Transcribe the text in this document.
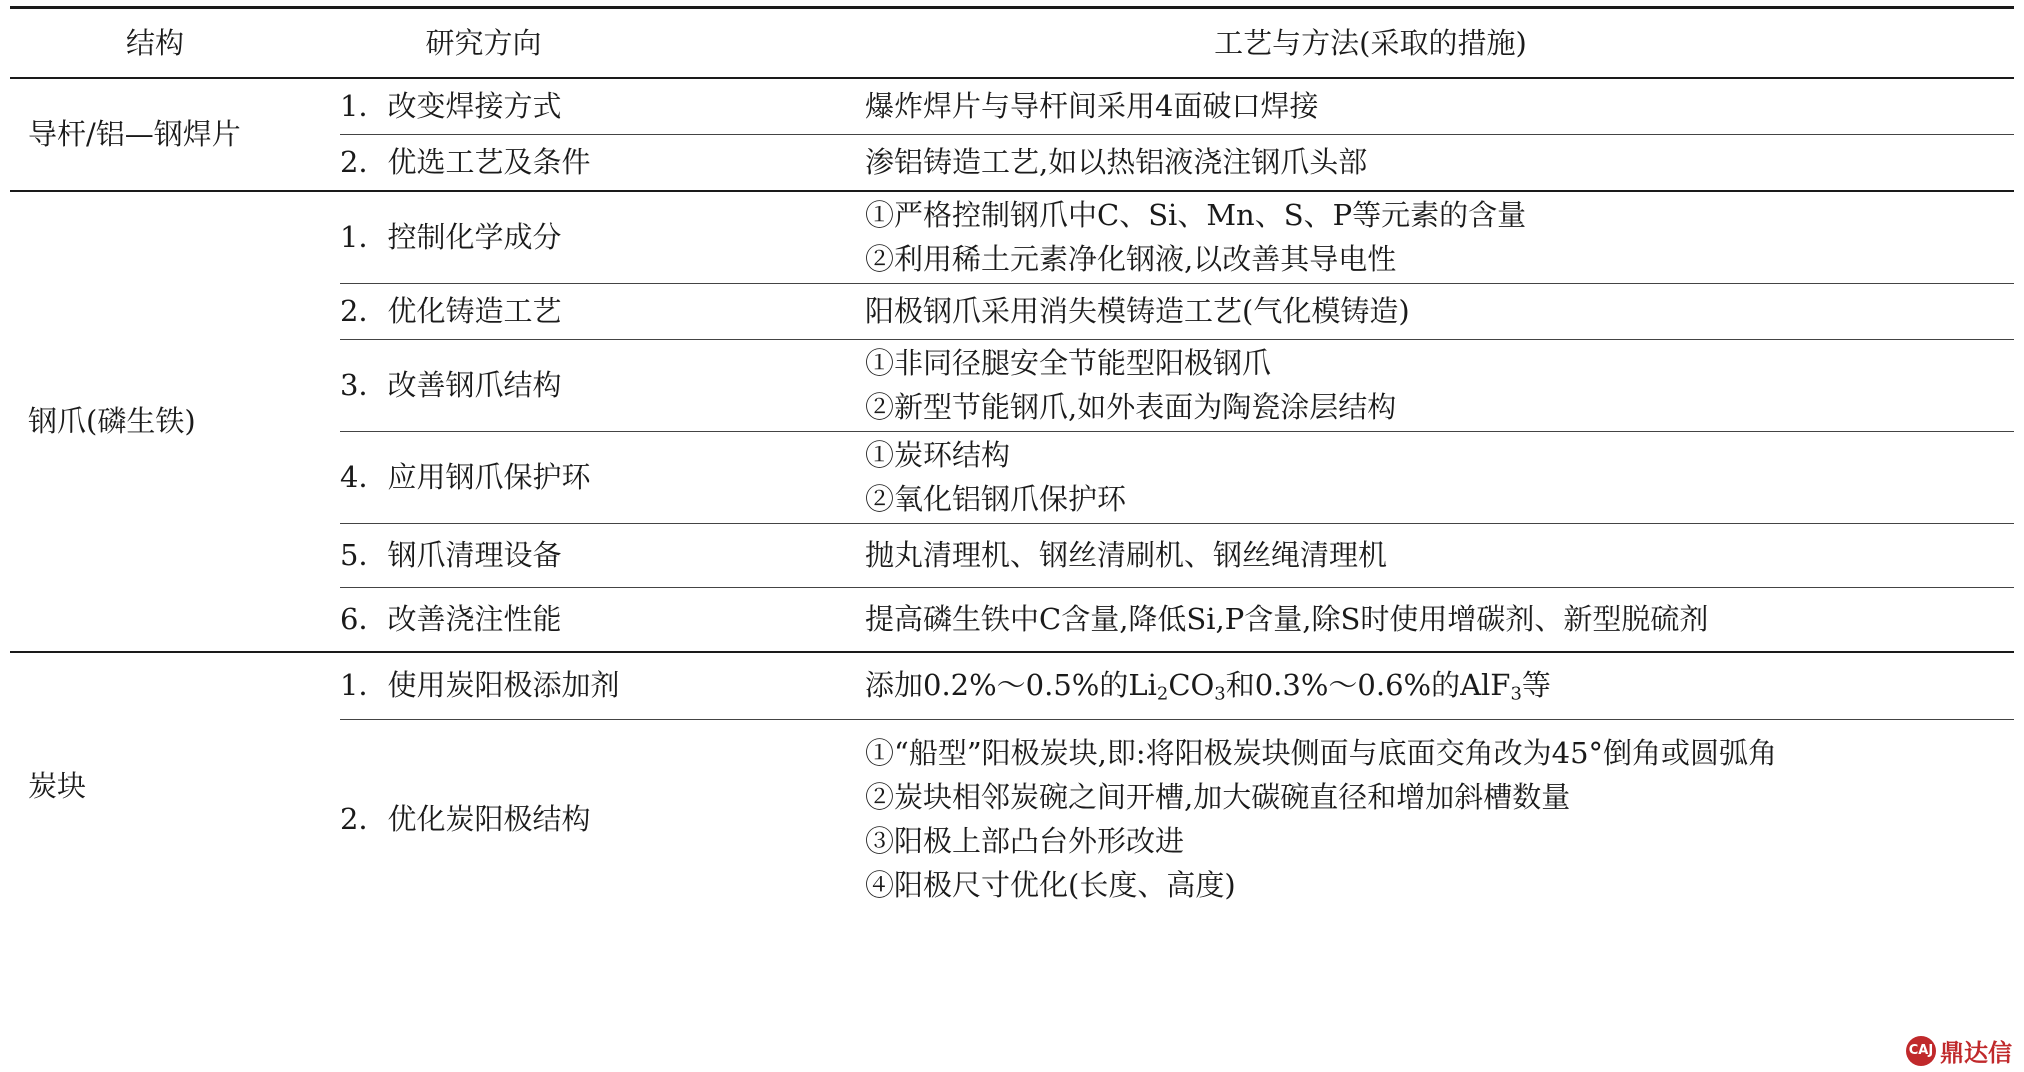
结构	研究方向	工艺与方法(采取的措施)
导杆/铝—钢焊片	1．改变焊接方式	爆炸焊片与导杆间采用4面破口焊接

	2．优选工艺及条件	渗铝铸造工艺,如以热铝液浇注钢爪头部

钢爪(磷生铁)	1．控制化学成分	①严格控制钢爪中C、Si、Mn、S、P等元素的含量
②利用稀土元素净化钢液,以改善其导电性

	2．优化铸造工艺	阳极钢爪采用消失模铸造工艺(气化模铸造)

	3．改善钢爪结构	①非同径腿安全节能型阳极钢爪
②新型节能钢爪,如外表面为陶瓷涂层结构

	4．应用钢爪保护环	①炭环结构
②氧化铝钢爪保护环

	5．钢爪清理设备	抛丸清理机、钢丝清刷机、钢丝绳清理机

	6．改善浇注性能	提高磷生铁中C含量,降低Si,P含量,除S时使用增碳剂、新型脱硫剂

炭块	1．使用炭阳极添加剂	添加0.2%～0.5%的$Li_2CO_3$和0.3%～0.6%的AlF$_3$等

	2．优化炭阳极结构	①“船型”阳极炭块,即:将阳极炭块侧面与底面交角改为45°倒角或圆弧角
②炭块相邻炭碗之间开槽,加大碳碗直径和增加斜槽数量
③阳极上部凸台外形改进
④阳极尺寸优化(长度、高度)
CAJ 鼎达信
